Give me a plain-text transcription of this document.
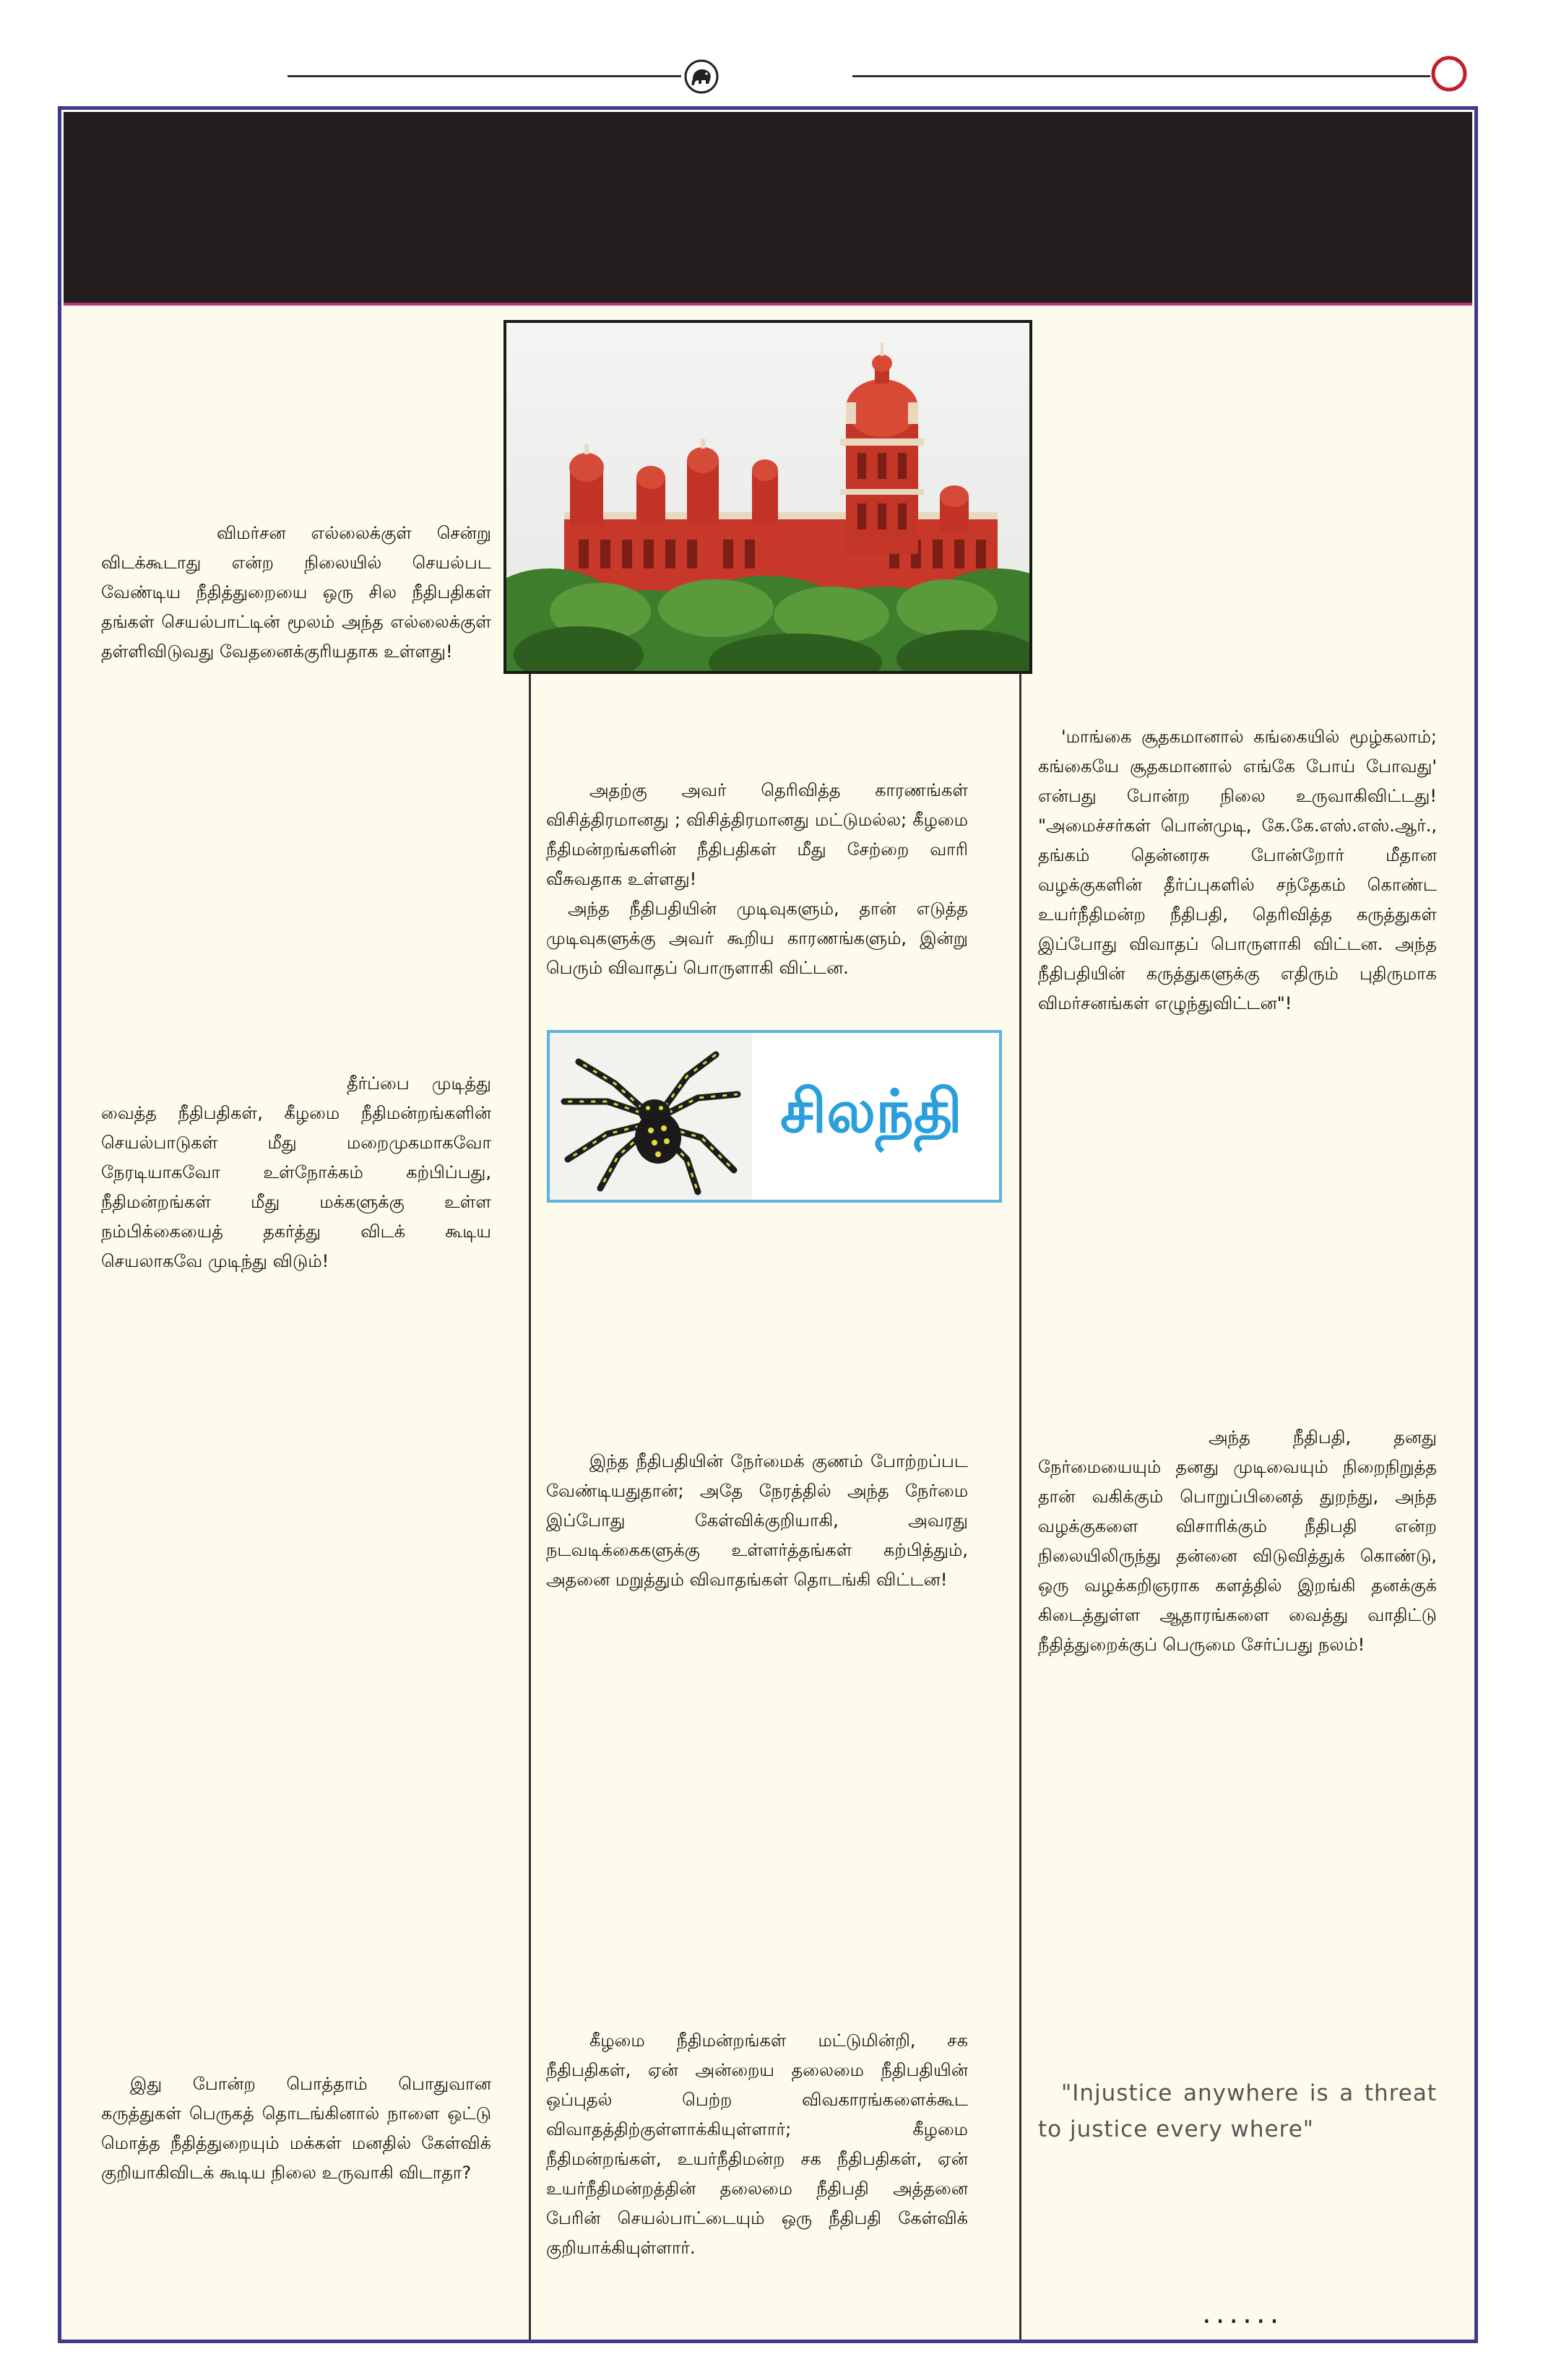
சிலந்தி

விமர்சன எல்லைக்குள் சென்று விடக்கூடாது என்ற நிலையில் செயல்பட வேண்டிய நீதித்துறையை ஒரு சில நீதிபதிகள் தங்கள் செயல்பாட்டின் மூலம் அந்த எல்லைக்குள் தள்ளிவிடுவது வேதனைக்குரியதாக உள்ளது!

தீர்ப்பை முடித்து வைத்த நீதிபதிகள், கீழமை நீதிமன்றங்களின் செயல்பாடுகள் மீது மறைமுகமாகவோ நேரடியாகவோ உள்நோக்கம் கற்பிப்பது, நீதிமன்றங்கள் மீது மக்களுக்கு உள்ள நம்பிக்கையைத் தகர்த்து விடக் கூடிய செயலாகவே முடிந்து விடும்!

இது போன்ற பொத்தாம் பொதுவான கருத்துகள் பெருகத் தொடங்கினால் நாளை ஒட்டு மொத்த நீதித்துறையும் மக்கள் மனதில் கேள்விக் குறியாகிவிடக் கூடிய நிலை உருவாகி விடாதா?

அதற்கு அவர் தெரிவித்த காரணங்கள் விசித்திரமானது ; விசித்திரமானது மட்டுமல்ல; கீழமை நீதிமன்றங்களின் நீதிபதிகள் மீது சேற்றை வாரி வீசுவதாக உள்ளது!

அந்த நீதிபதியின் முடிவுகளும், தான் எடுத்த முடிவுகளுக்கு அவர் கூறிய காரணங்களும், இன்று பெரும் விவாதப் பொருளாகி விட்டன.

இந்த நீதிபதியின் நேர்மைக் குணம் போற்றப்பட வேண்டியதுதான்; அதே நேரத்தில் அந்த நேர்மை இப்போது கேள்விக்குறியாகி, அவரது நடவடிக்கைகளுக்கு உள்ளர்த்தங்கள் கற்பித்தும், அதனை மறுத்தும் விவாதங்கள் தொடங்கி விட்டன!

கீழமை நீதிமன்றங்கள் மட்டுமின்றி, சக நீதிபதிகள், ஏன் அன்றைய தலைமை நீதிபதியின் ஒப்புதல் பெற்ற விவகாரங்களைக்கூட விவாதத்திற்குள்ளாக்கியுள்ளார்; கீழமை நீதிமன்றங்கள், உயர்நீதிமன்ற சக நீதிபதிகள், ஏன் உயர்நீதிமன்றத்தின் தலைமை நீதிபதி அத்தனை பேரின் செயல்பாட்டையும் ஒரு நீதிபதி கேள்விக் குறியாக்கியுள்ளார்.

'மாங்கை சூதகமானால் கங்கையில் மூழ்கலாம்; கங்கையே சூதகமானால் எங்கே போய் போவது' என்பது போன்ற நிலை உருவாகிவிட்டது! "அமைச்சர்கள் பொன்முடி, கே.கே.எஸ்.எஸ்.ஆர்., தங்கம் தென்னரசு போன்றோர் மீதான வழக்குகளின் தீர்ப்புகளில் சந்தேகம் கொண்ட உயர்நீதிமன்ற நீதிபதி, தெரிவித்த கருத்துகள் இப்போது விவாதப் பொருளாகி விட்டன. அந்த நீதிபதியின் கருத்துகளுக்கு எதிரும் புதிருமாக விமர்சனங்கள் எழுந்துவிட்டன"!

அந்த நீதிபதி, தனது நேர்மையையும் தனது முடிவையும் நிறைநிறுத்த தான் வகிக்கும் பொறுப்பினைத் துறந்து, அந்த வழக்குகளை விசாரிக்கும் நீதிபதி என்ற நிலையிலிருந்து தன்னை விடுவித்துக் கொண்டு, ஒரு வழக்கறிஞராக களத்தில் இறங்கி தனக்குக் கிடைத்துள்ள ஆதாரங்களை வைத்து வாதிட்டு நீதித்துறைக்குப் பெருமை சேர்ப்பது நலம்!

"Injustice anywhere is a threat to justice every where"

......
